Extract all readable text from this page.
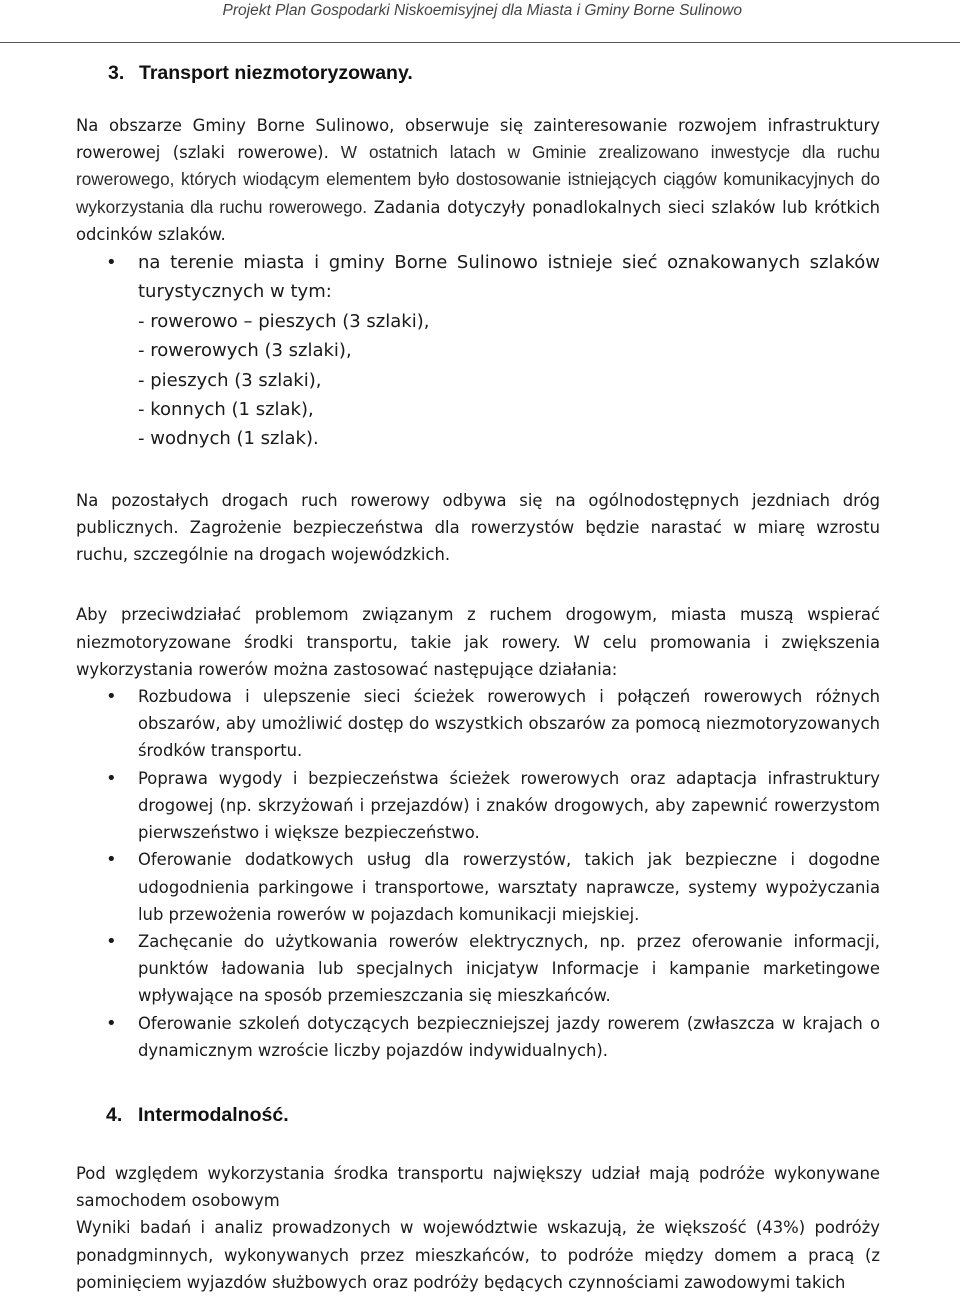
Projekt Plan Gospodarki Niskoemisyjnej dla Miasta i Gminy Borne Sulinowo
3. Transport niezmotoryzowany.

Na obszarze Gminy Borne Sulinowo, obserwuje się zainteresowanie rozwojem infrastruktury rowerowej (szlaki rowerowe). W ostatnich latach w Gminie zrealizowano inwestycje dla ruchu rowerowego, których wiodącym elementem było dostosowanie istniejących ciągów komunikacyjnych do wykorzystania dla ruchu rowerowego. Zadania dotyczyły ponadlokalnych sieci szlaków lub krótkich odcinków szlaków.

• na terenie miasta i gminy Borne Sulinowo istnieje sieć oznakowanych szlaków turystycznych w tym:
- rowerowo – pieszych (3 szlaki),
- rowerowych (3 szlaki),
- pieszych (3 szlaki),
- konnych (1 szlak),
- wodnych (1 szlak).

Na pozostałych drogach ruch rowerowy odbywa się na ogólnodostępnych jezdniach dróg publicznych. Zagrożenie bezpieczeństwa dla rowerzystów będzie narastać w miarę wzrostu ruchu, szczególnie na drogach wojewódzkich.

Aby przeciwdziałać problemom związanym z ruchem drogowym, miasta muszą wspierać niezmotoryzowane środki transportu, takie jak rowery. W celu promowania i zwiększenia wykorzystania rowerów można zastosować następujące działania:

• Rozbudowa i ulepszenie sieci ścieżek rowerowych i połączeń rowerowych różnych obszarów, aby umożliwić dostęp do wszystkich obszarów za pomocą niezmotoryzowanych środków transportu.
• Poprawa wygody i bezpieczeństwa ścieżek rowerowych oraz adaptacja infrastruktury drogowej (np. skrzyżowań i przejazdów) i znaków drogowych, aby zapewnić rowerzystom pierwszeństwo i większe bezpieczeństwo.
• Oferowanie dodatkowych usług dla rowerzystów, takich jak bezpieczne i dogodne udogodnienia parkingowe i transportowe, warsztaty naprawcze, systemy wypożyczania lub przewożenia rowerów w pojazdach komunikacji miejskiej.
• Zachęcanie do użytkowania rowerów elektrycznych, np. przez oferowanie informacji, punktów ładowania lub specjalnych inicjatyw Informacje i kampanie marketingowe wpływające na sposób przemieszczania się mieszkańców.
• Oferowanie szkoleń dotyczących bezpieczniejszej jazdy rowerem (zwłaszcza w krajach o dynamicznym wzroście liczby pojazdów indywidualnych).
4. Intermodalność.

Pod względem wykorzystania środka transportu największy udział mają podróże wykonywane samochodem osobowym

Wyniki badań i analiz prowadzonych w województwie wskazują, że większość (43%) podróży ponadgminnych, wykonywanych przez mieszkańców, to podróże między domem a pracą (z pominięciem wyjazdów służbowych oraz podróży będących czynnościami zawodowymi takich
